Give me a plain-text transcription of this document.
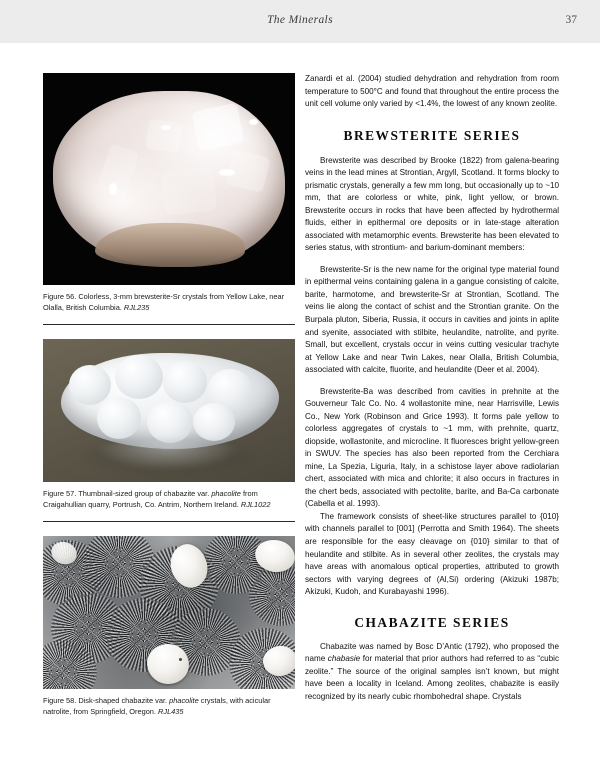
The Minerals	37
Figure 56. Colorless, 3-mm brewsterite-Sr crystals from Yellow Lake, near Olalla, British Columbia. RJL235
Figure 57. Thumbnail-sized group of chabazite var. phacolite from Craigahullian quarry, Portrush, Co. Antrim, Northern Ireland. RJL1022
Figure 58. Disk-shaped chabazite var. phacolite crystals, with acicular natrolite, from Springfield, Oregon. RJL435

Zanardi et al. (2004) studied dehydration and rehydration from room temperature to 500°C and found that throughout the entire process the unit cell volume only varied by <1.4%, the lowest of any known zeolite.

BREWSTERITE SERIES

Brewsterite was described by Brooke (1822) from galena-bearing veins in the lead mines at Strontian, Argyll, Scotland. It forms blocky to prismatic crystals, generally a few mm long, but occasionally up to ~10 mm, that are colorless or white, pink, light yellow, or brown. Brewsterite occurs in rocks that have been affected by hydrothermal fluids, either in epithermal ore deposits or in late-stage alteration associated with metamorphic events. Brewsterite has been elevated to series status, with strontium- and barium-dominant members:

Brewsterite-Sr is the new name for the original type material found in epithermal veins containing galena in a gangue consisting of calcite, barite, harmotome, and brewsterite-Sr at Strontian, Scotland. The veins lie along the contact of schist and the Strontian granite. On the Burpala pluton, Siberia, Russia, it occurs in cavities and joints in aplite and syenite, associated with stilbite, heulandite, natrolite, and pyrite. Small, but excellent, crystals occur in veins cutting vesicular trachyte at Yellow Lake and near Twin Lakes, near Olalla, British Columbia, associated with calcite, fluorite, and heulandite (Deer et al. 2004).

Brewsterite-Ba was described from cavities in prehnite at the Gouverneur Talc Co. No. 4 wollastonite mine, near Harrisville, Lewis Co., New York (Robinson and Grice 1993). It forms pale yellow to colorless aggregates of crystals to ~1 mm, with prehnite, quartz, diopside, wollastonite, and microcline. It fluoresces bright yellow-green in SWUV. The species has also been reported from the Cerchiara mine, La Spezia, Liguria, Italy, in a schistose layer above radiolarian chert, associated with mica and chlorite; it also occurs in fractures in the chert beds, associated with pectolite, barite, and Ba-Ca carbonate (Cabella et al. 1993).

The framework consists of sheet-like structures parallel to {010} with channels parallel to [001] (Perrotta and Smith 1964). The sheets are responsible for the easy cleavage on {010} similar to that of heulandite and stilbite. As in several other zeolites, the crystals may have areas with anomalous optical properties, attributed to growth sectors with varying degrees of (Al,Si) ordering (Akizuki 1987b; Akizuki, Kudoh, and Kurabayashi 1996).

CHABAZITE SERIES

Chabazite was named by Bosc D’Antic (1792), who proposed the name chabasie for material that prior authors had referred to as “cubic zeolite.” The source of the original samples isn’t known, but might have been a locality in Iceland. Among zeolites, chabazite is easily recognized by its nearly cubic rhombohedral shape. Crystals
